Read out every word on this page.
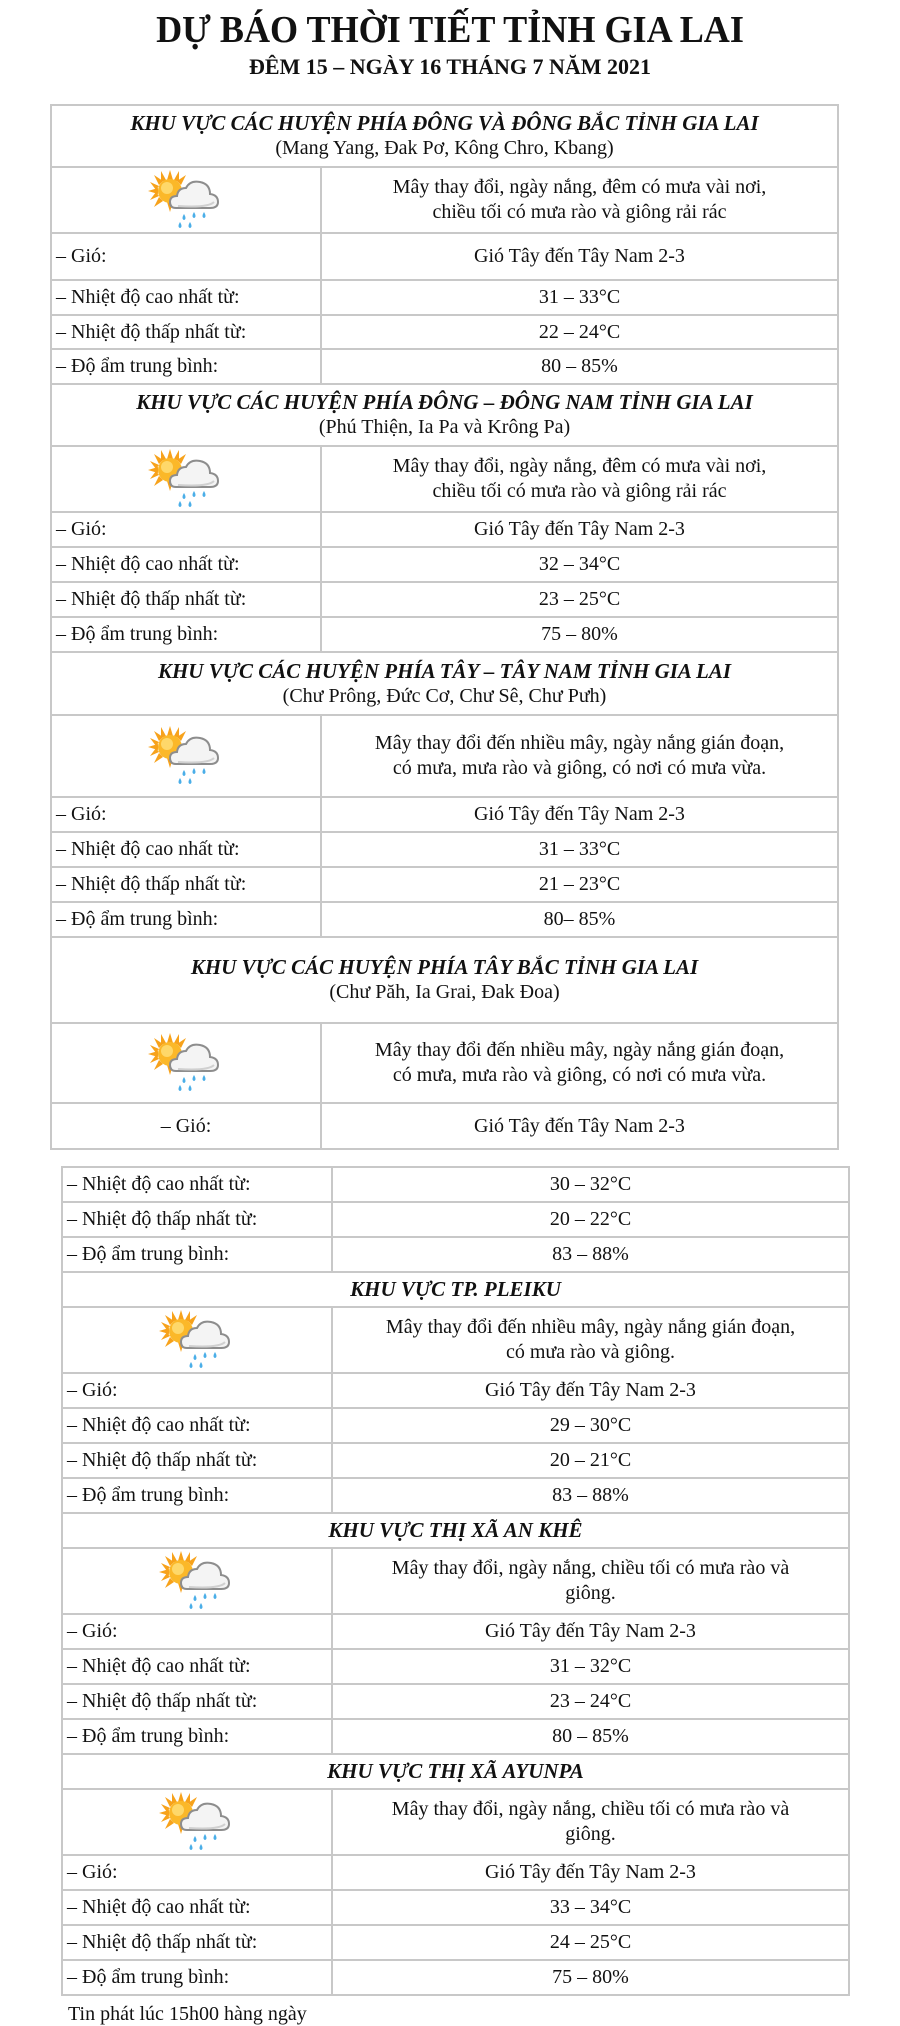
DỰ BÁO THỜI TIẾT TỈNH GIA LAI
ĐÊM 15 – NGÀY 16 THÁNG 7 NĂM 2021
KHU VỰC CÁC HUYỆN PHÍA ĐÔNG VÀ ĐÔNG BẮC TỈNH GIA LAI
(Mang Yang, Đak Pơ, Kông Chro, Kbang)	

	Mây thay đổi, ngày nắng, đêm có mưa vài nơi,
chiều tối có mưa rào và giông rải rác
– Gió:	Gió Tây đến Tây Nam 2-3
– Nhiệt độ cao nhất từ:	31 – 33°C
– Nhiệt độ thấp nhất từ:	22 – 24°C
– Độ ẩm trung bình:	80 – 85%

KHU VỰC CÁC HUYỆN PHÍA ĐÔNG – ĐÔNG NAM TỈNH GIA LAI
(Phú Thiện, Ia Pa và Krông Pa)	

	Mây thay đổi, ngày nắng, đêm có mưa vài nơi,
chiều tối có mưa rào và giông rải rác
– Gió:	Gió Tây đến Tây Nam 2-3
– Nhiệt độ cao nhất từ:	32 – 34°C
– Nhiệt độ thấp nhất từ:	23 – 25°C
– Độ ẩm trung bình:	75 – 80%

KHU VỰC CÁC HUYỆN PHÍA TÂY – TÂY NAM TỈNH GIA LAI
(Chư Prông, Đức Cơ, Chư Sê, Chư Pưh)	

	Mây thay đổi đến nhiều mây, ngày nắng gián đoạn,
có mưa, mưa rào và giông, có nơi có mưa vừa.
– Gió:	Gió Tây đến Tây Nam 2-3
– Nhiệt độ cao nhất từ:	31 – 33°C
– Nhiệt độ thấp nhất từ:	21 – 23°C
– Độ ẩm trung bình:	80– 85%

KHU VỰC CÁC HUYỆN PHÍA TÂY BẮC TỈNH GIA LAI
(Chư Păh, Ia Grai, Đak Đoa)	

	Mây thay đổi đến nhiều mây, ngày nắng gián đoạn,
có mưa, mưa rào và giông, có nơi có mưa vừa.
– Gió:	Gió Tây đến Tây Nam 2-3
– Nhiệt độ cao nhất từ:	30 – 32°C
– Nhiệt độ thấp nhất từ:	20 – 22°C
– Độ ẩm trung bình:	83 – 88%

KHU VỰC TP. PLEIKU	

	Mây thay đổi đến nhiều mây, ngày nắng gián đoạn,
có mưa rào và giông.
– Gió:	Gió Tây đến Tây Nam 2-3
– Nhiệt độ cao nhất từ:	29 – 30°C
– Nhiệt độ thấp nhất từ:	20 – 21°C
– Độ ẩm trung bình:	83 – 88%

KHU VỰC THỊ XÃ AN KHÊ	

	Mây thay đổi, ngày nắng, chiều tối có mưa rào và
giông.
– Gió:	Gió Tây đến Tây Nam 2-3
– Nhiệt độ cao nhất từ:	31 – 32°C
– Nhiệt độ thấp nhất từ:	23 – 24°C
– Độ ẩm trung bình:	80 – 85%

KHU VỰC THỊ XÃ AYUNPA	

	Mây thay đổi, ngày nắng, chiều tối có mưa rào và
giông.
– Gió:	Gió Tây đến Tây Nam 2-3
– Nhiệt độ cao nhất từ:	33 – 34°C
– Nhiệt độ thấp nhất từ:	24 – 25°C
– Độ ẩm trung bình:	75 – 80%
Tin phát lúc 15h00 hàng ngày
